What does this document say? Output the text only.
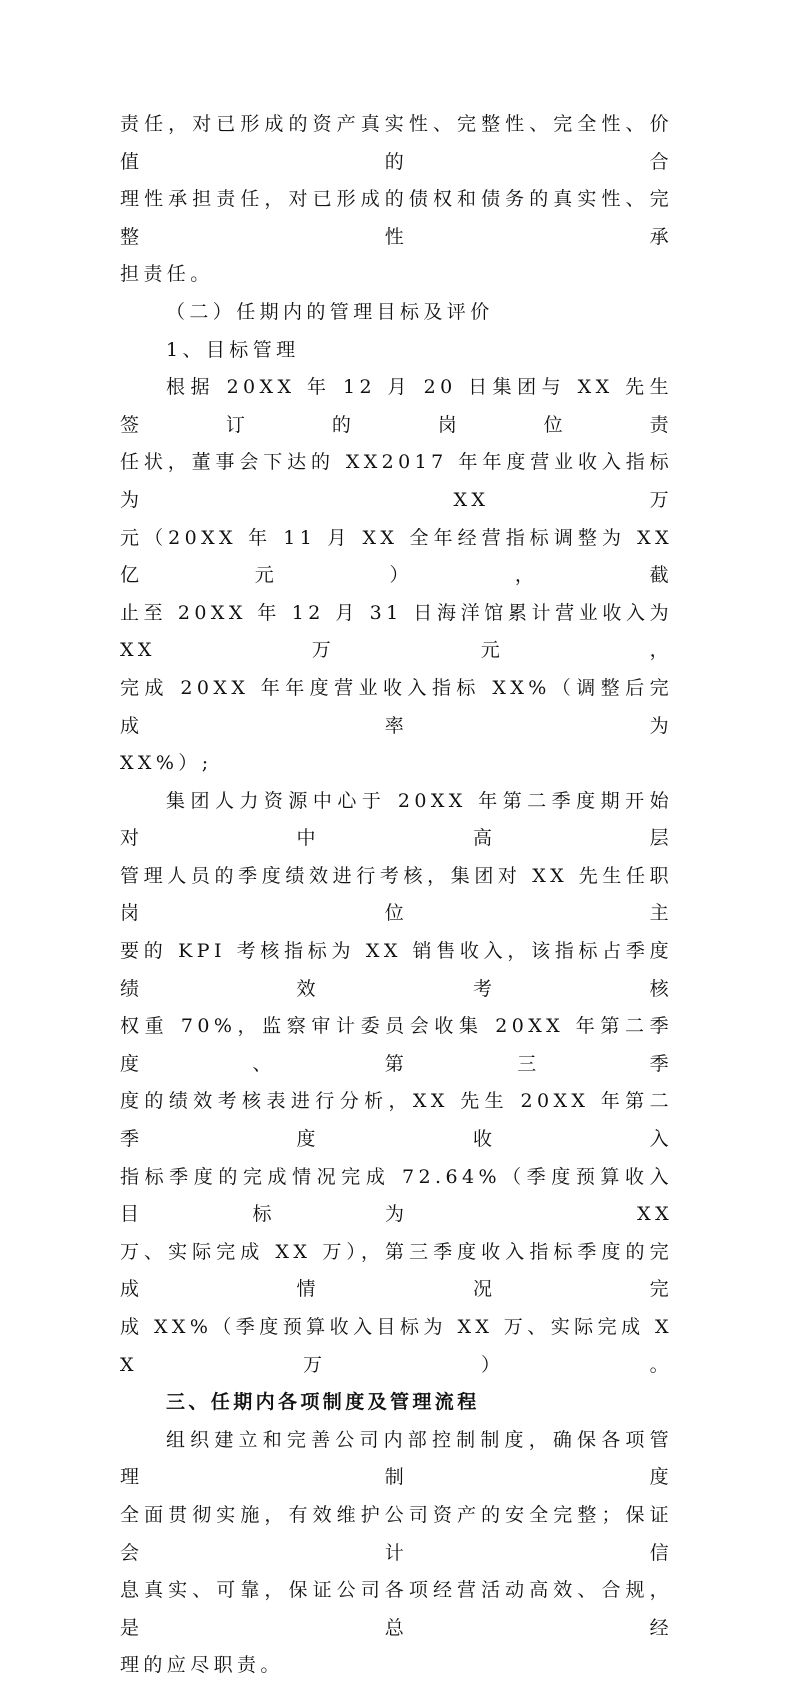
责任，对已形成的资产真实性、完整性、完全性、价值的合
理性承担责任，对已形成的债权和债务的真实性、完整性承
担责任。

（二）任期内的管理目标及评价

1、目标管理

根据 20XX 年 12 月 20 日集团与 XX 先生签订的岗位责
任状，董事会下达的 XX2017 年年度营业收入指标为 XX 万
元（20XX 年 11 月 XX 全年经营指标调整为 XX 亿元），截
止至 20XX 年 12 月 31 日海洋馆累计营业收入为 XX 万元，
完成 20XX 年年度营业收入指标 XX%（调整后完成率为
XX%）;

集团人力资源中心于 20XX 年第二季度期开始对中高层
管理人员的季度绩效进行考核，集团对 XX 先生任职岗位主
要的 KPI 考核指标为 XX 销售收入，该指标占季度绩效考核
权重 70%，监察审计委员会收集 20XX 年第二季度、第三季
度的绩效考核表进行分析，XX 先生 20XX 年第二季度收入
指标季度的完成情况完成 72.64%（季度预算收入目标为 XX
万、实际完成 XX 万），第三季度收入指标季度的完成情况完
成 XX%（季度预算收入目标为 XX 万、实际完成 XX 万）。

三、任期内各项制度及管理流程

组织建立和完善公司内部控制制度，确保各项管理制度
全面贯彻实施，有效维护公司资产的安全完整；保证会计信
息真实、可靠，保证公司各项经营活动高效、合规，是总经
理的应尽职责。
